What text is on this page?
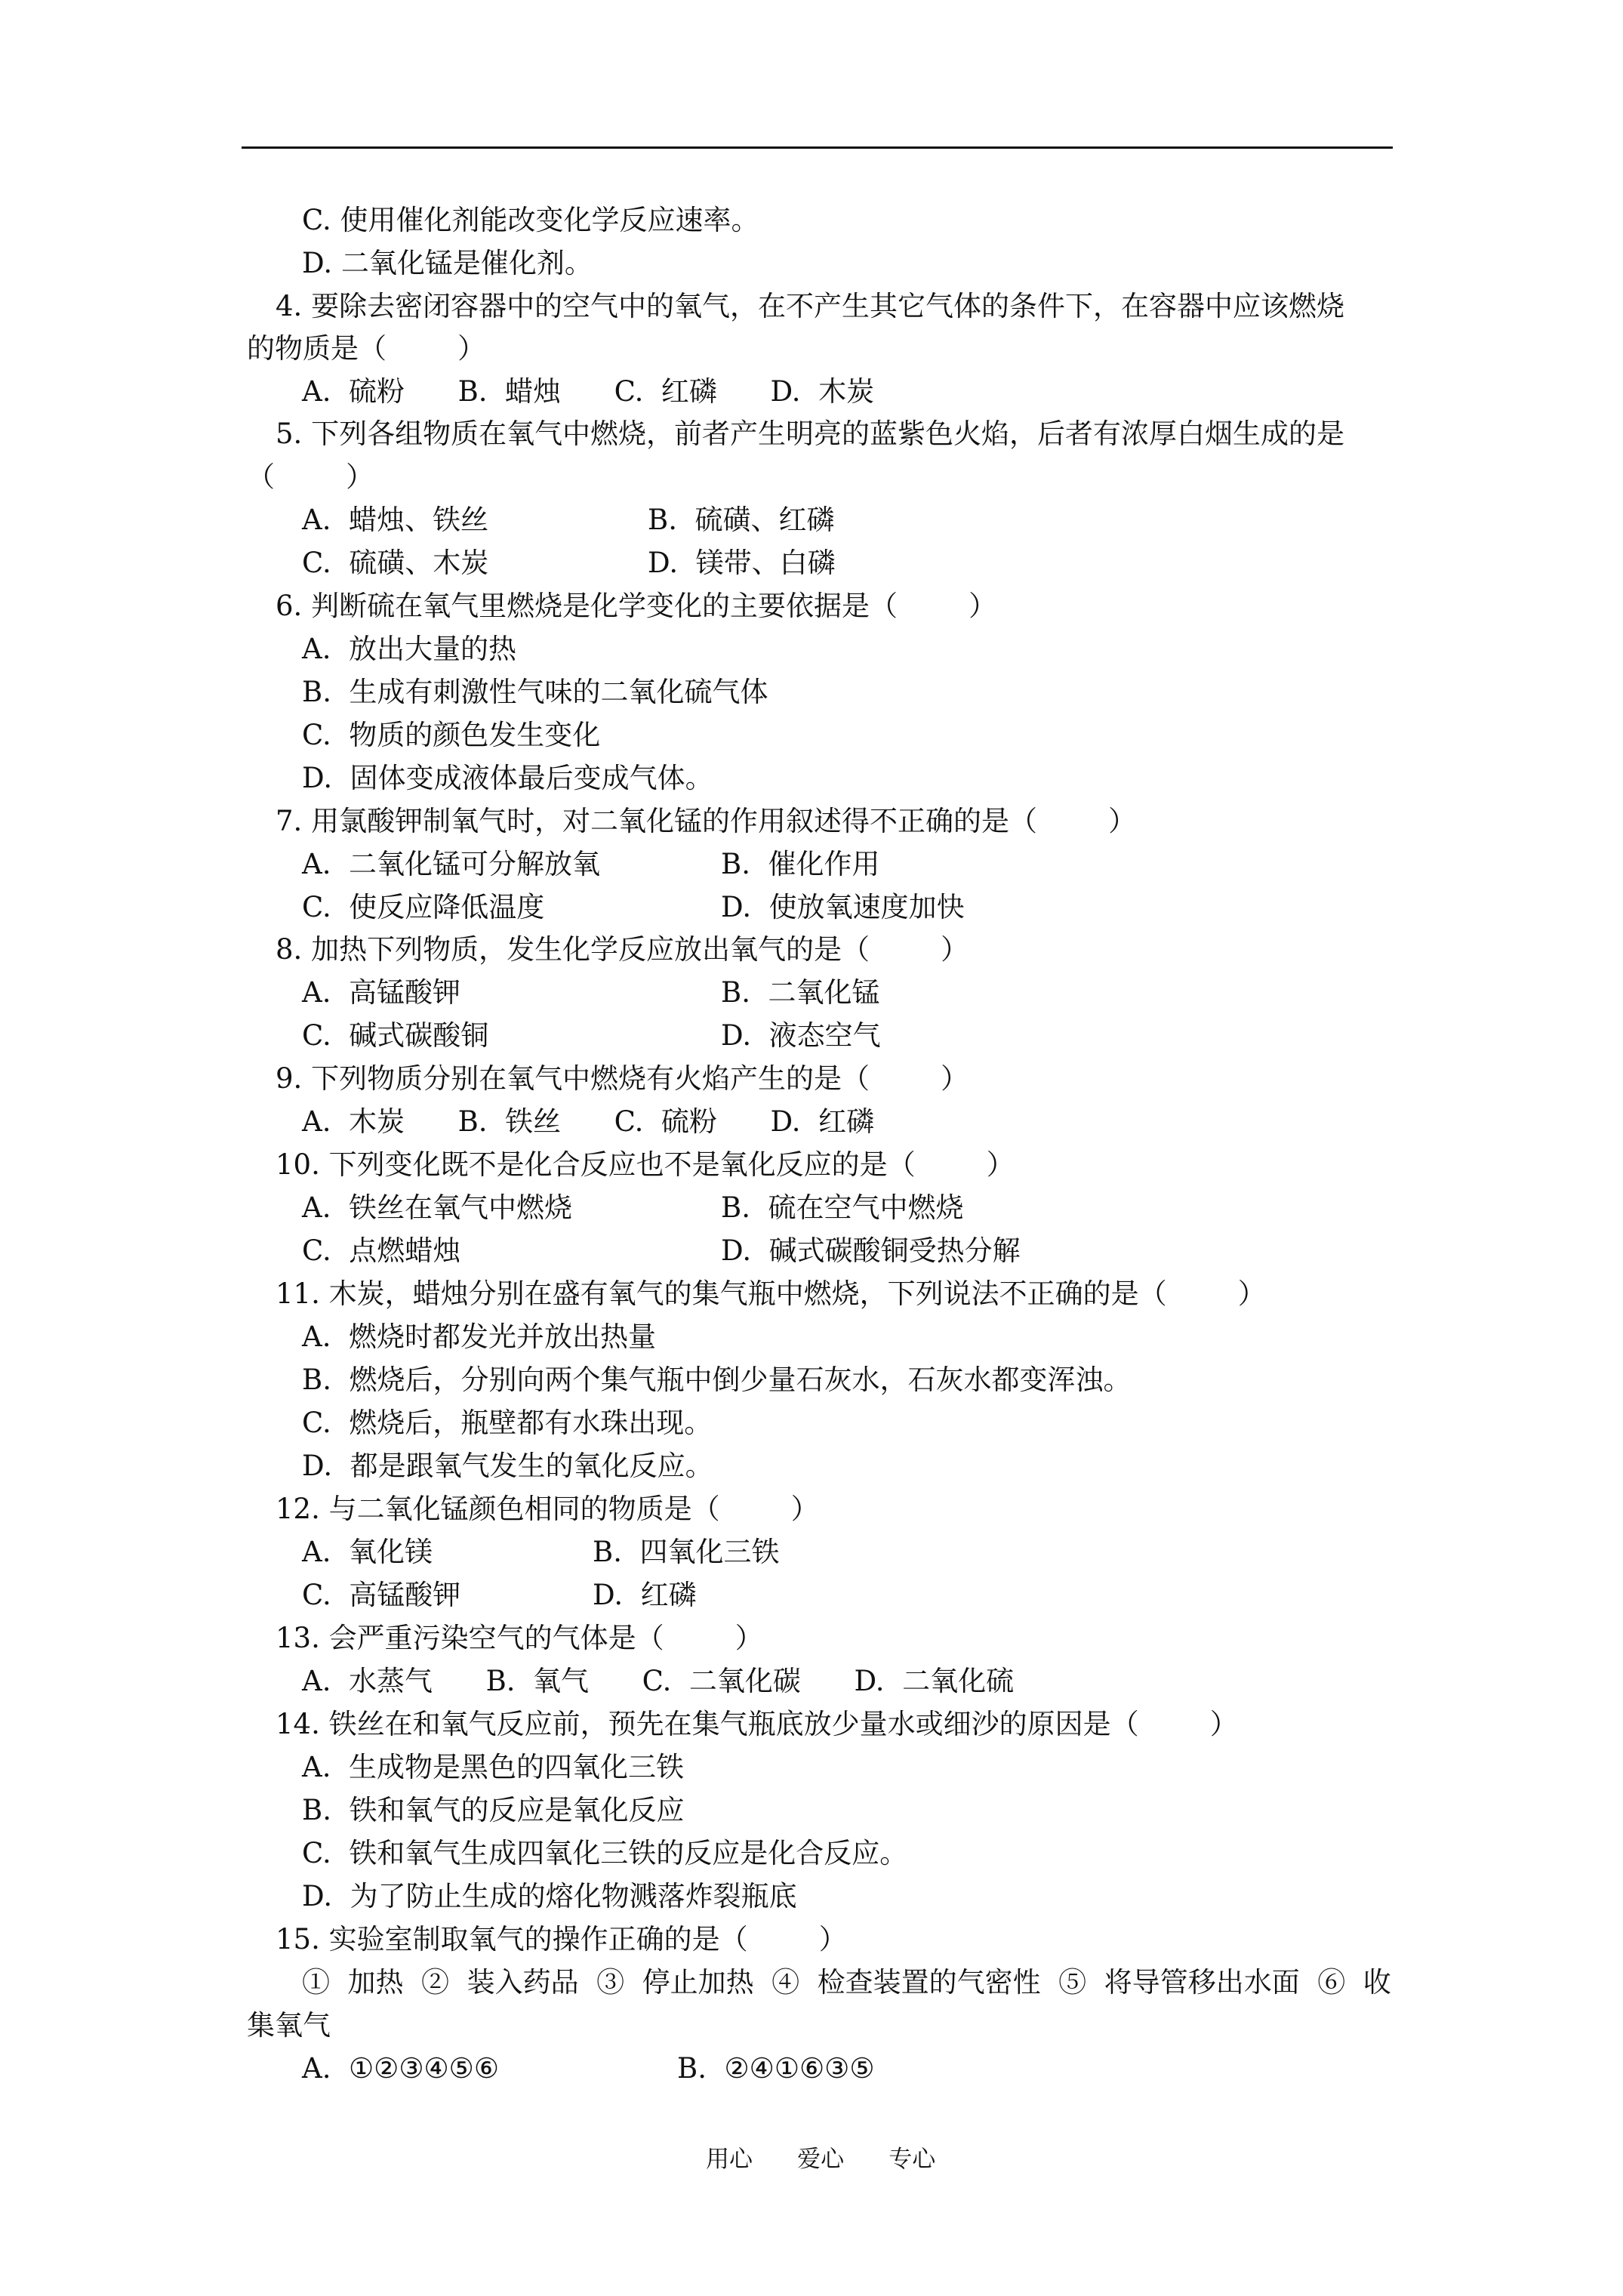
C. 使用催化剂能改变化学反应速率。
D. 二氧化锰是催化剂。
4. 要除去密闭容器中的空气中的氧气，在不产生其它气体的条件下，在容器中应该燃烧
的物质是（        ）
A.  硫粉      B.  蜡烛      C.  红磷      D.  木炭
5. 下列各组物质在氧气中燃烧，前者产生明亮的蓝紫色火焰，后者有浓厚白烟生成的是
（        ）
A.  蜡烛、铁丝	B.  硫磺、红磷
C.  硫磺、木炭	D.  镁带、白磷
6. 判断硫在氧气里燃烧是化学变化的主要依据是（        ）
A.  放出大量的热
B.  生成有刺激性气味的二氧化硫气体
C.  物质的颜色发生变化
D.  固体变成液体最后变成气体。
7. 用氯酸钾制氧气时，对二氧化锰的作用叙述得不正确的是（        ）
A.  二氧化锰可分解放氧	B.  催化作用
C.  使反应降低温度	D.  使放氧速度加快
8. 加热下列物质，发生化学反应放出氧气的是（        ）
A.  高锰酸钾	B.  二氧化锰
C.  碱式碳酸铜	D.  液态空气
9. 下列物质分别在氧气中燃烧有火焰产生的是（        ）
A.  木炭      B.  铁丝      C.  硫粉      D.  红磷
10. 下列变化既不是化合反应也不是氧化反应的是（        ）
A.  铁丝在氧气中燃烧	B.  硫在空气中燃烧
C.  点燃蜡烛	D.  碱式碳酸铜受热分解
11. 木炭，蜡烛分别在盛有氧气的集气瓶中燃烧，下列说法不正确的是（        ）
A.  燃烧时都发光并放出热量
B.  燃烧后，分别向两个集气瓶中倒少量石灰水，石灰水都变浑浊。
C.  燃烧后，瓶壁都有水珠出现。
D.  都是跟氧气发生的氧化反应。
12. 与二氧化锰颜色相同的物质是（        ）
A.  氧化镁	B.  四氧化三铁
C.  高锰酸钾	D.  红磷
13. 会严重污染空气的气体是（        ）
A.  水蒸气      B.  氧气      C.  二氧化碳      D.  二氧化硫
14. 铁丝在和氧气反应前，预先在集气瓶底放少量水或细沙的原因是（        ）
A.  生成物是黑色的四氧化三铁
B.  铁和氧气的反应是氧化反应
C.  铁和氧气生成四氧化三铁的反应是化合反应。
D.  为了防止生成的熔化物溅落炸裂瓶底
15. 实验室制取氧气的操作正确的是（        ）
①  加热  ②  装入药品  ③  停止加热  ④  检查装置的气密性  ⑤  将导管移出水面  ⑥  收
集氧气
A.  ①②③④⑤⑥	B.  ②④①⑥③⑤
用心      爱心      专心
